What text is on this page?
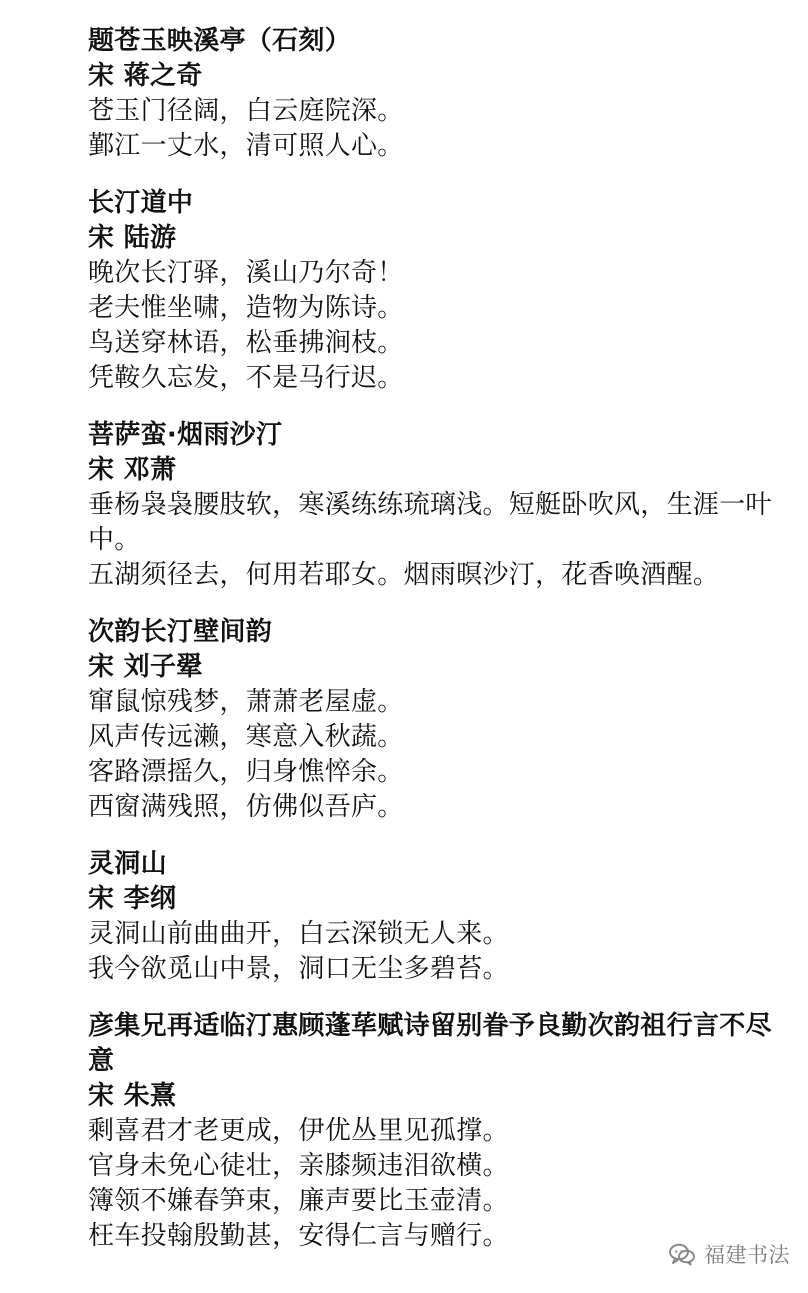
题苍玉映溪亭（石刻）
宋 蒋之奇
苍玉门径阔，白云庭院深。
鄞江一丈水，清可照人心。
长汀道中
宋 陆游
晚次长汀驿，溪山乃尔奇！
老夫惟坐啸，造物为陈诗。
鸟送穿林语，松垂拂涧枝。
凭鞍久忘发，不是马行迟。
菩萨蛮·烟雨沙汀
宋 邓萧
垂杨袅袅腰肢软，寒溪练练琉璃浅。短艇卧吹风，生涯一叶中。
五湖须径去，何用若耶女。烟雨暝沙汀，花香唤酒醒。
次韵长汀壁间韵
宋 刘子翚
窜鼠惊残梦，萧萧老屋虚。
风声传远濑，寒意入秋蔬。
客路漂摇久，归身憔悴余。
西窗满残照，仿佛似吾庐。
灵洞山
宋 李纲
灵洞山前曲曲开，白云深锁无人来。
我今欲觅山中景，洞口无尘多碧苔。
彦集兄再适临汀惠顾蓬荜赋诗留别眷予良勤次韵祖行言不尽意
宋 朱熹
剩喜君才老更成，伊优丛里见孤撑。
官身未免心徒壮，亲膝频违泪欲横。
簿领不嫌春笋束，廉声要比玉壶清。
枉车投翰殷勤甚，安得仁言与赠行。
福建书法
